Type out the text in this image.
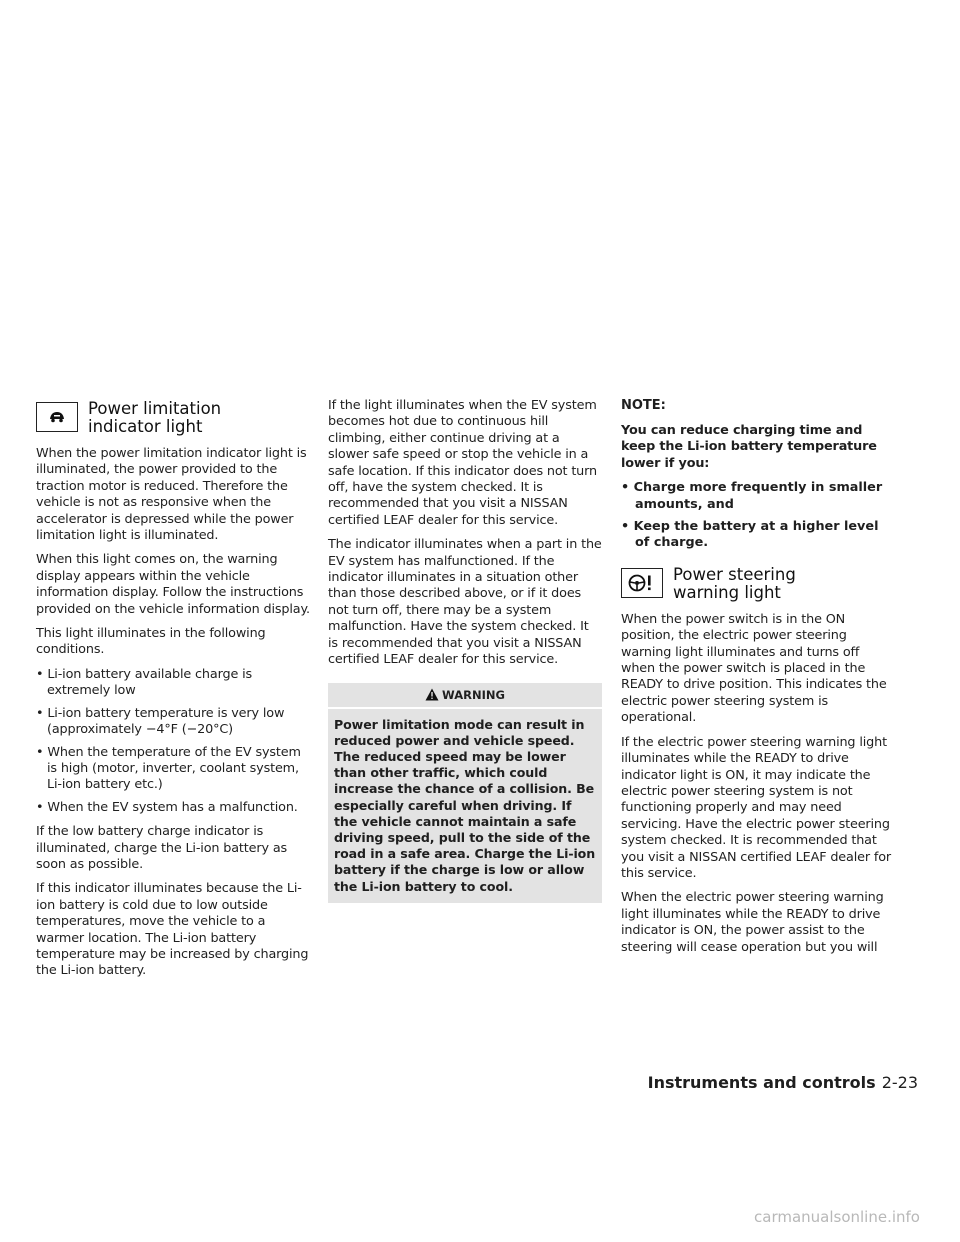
Power limitation indicator light

When the power limitation indicator light is illuminated, the power provided to the traction motor is reduced. Therefore the vehicle is not as responsive when the accelerator is depressed while the power limitation light is illuminated.

When this light comes on, the warning display appears within the vehicle information display. Follow the instructions provided on the vehicle information display.

This light illuminates in the following conditions.

• Li-ion battery available charge is extremely low
• Li-ion battery temperature is very low (approximately −4°F (−20°C)
• When the temperature of the EV system is high (motor, inverter, coolant system, Li-ion battery etc.)
• When the EV system has a malfunction.

If the low battery charge indicator is illuminated, charge the Li-ion battery as soon as possible.

If this indicator illuminates because the Li-ion battery is cold due to low outside temperatures, move the vehicle to a warmer location. The Li-ion battery temperature may be increased by charging the Li-ion battery.

If the light illuminates when the EV system becomes hot due to continuous hill climbing, either continue driving at a slower safe speed or stop the vehicle in a safe location. If this indicator does not turn off, have the system checked. It is recommended that you visit a NISSAN certified LEAF dealer for this service.

The indicator illuminates when a part in the EV system has malfunctioned. If the indicator illuminates in a situation other than those described above, or if it does not turn off, there may be a system malfunction. Have the system checked. It is recommended that you visit a NISSAN certified LEAF dealer for this service.

WARNING

Power limitation mode can result in reduced power and vehicle speed. The reduced speed may be lower than other traffic, which could increase the chance of a collision. Be especially careful when driving. If the vehicle cannot maintain a safe driving speed, pull to the side of the road in a safe area. Charge the Li-ion battery if the charge is low or allow the Li-ion battery to cool.

NOTE:

You can reduce charging time and keep the Li-ion battery temperature lower if you:

• Charge more frequently in smaller amounts, and
• Keep the battery at a higher level of charge.
Power steering warning light

When the power switch is in the ON position, the electric power steering warning light illuminates and turns off when the power switch is placed in the READY to drive position. This indicates the electric power steering system is operational.

If the electric power steering warning light illuminates while the READY to drive indicator light is ON, it may indicate the electric power steering system is not functioning properly and may need servicing. Have the electric power steering system checked. It is recommended that you visit a NISSAN certified LEAF dealer for this service.

When the electric power steering warning light illuminates while the READY to drive indicator is ON, the power assist to the steering will cease operation but you will

Instruments and controls 2-23
carmanualsonline.info
